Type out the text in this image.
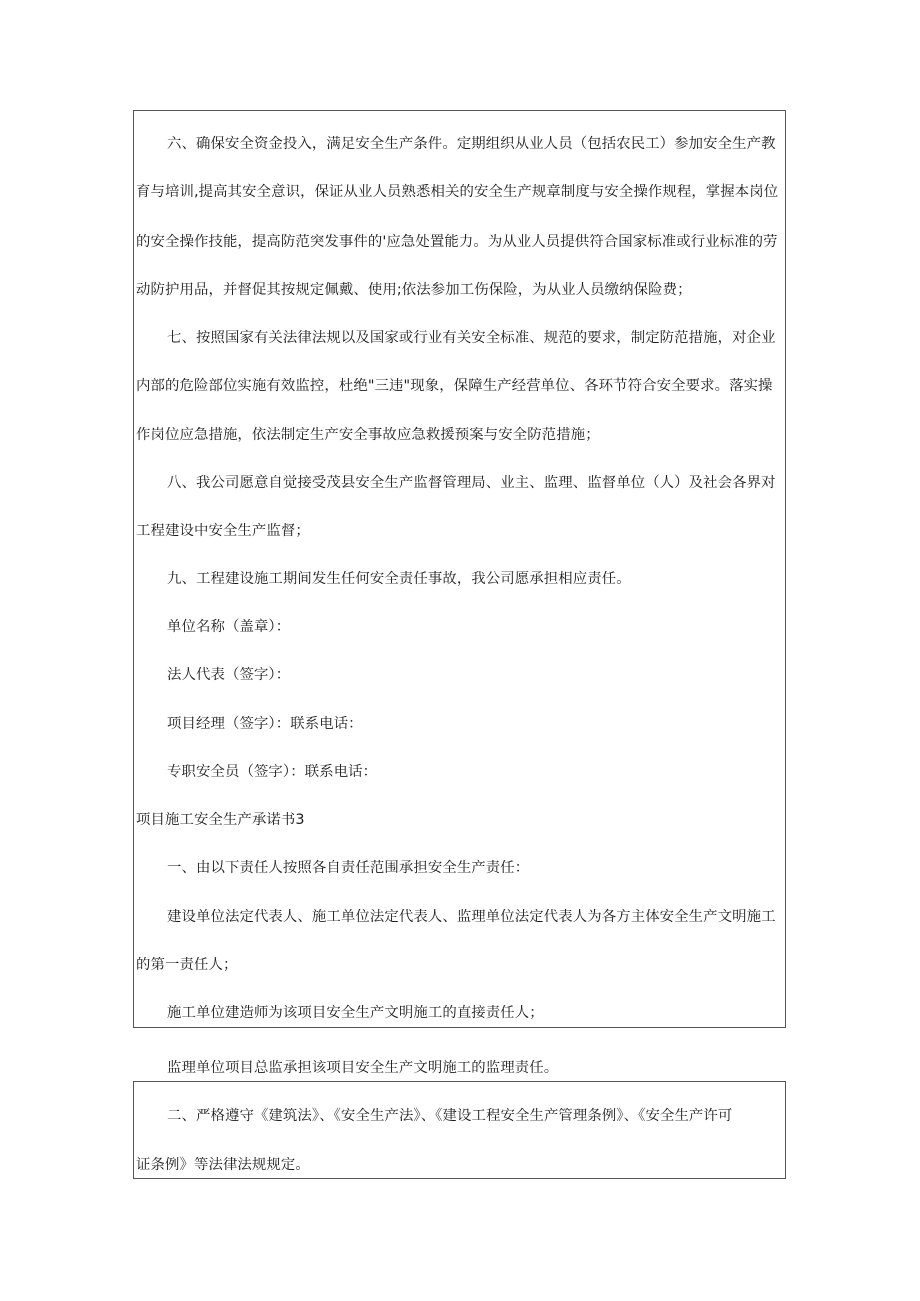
六、确保安全资金投入，满足安全生产条件。定期组织从业人员（包括农民工）参加安全生产教
育与培训,提高其安全意识，保证从业人员熟悉相关的安全生产规章制度与安全操作规程，掌握本岗位
的安全操作技能，提高防范突发事件的'应急处置能力。为从业人员提供符合国家标准或行业标准的劳
动防护用品，并督促其按规定佩戴、使用;依法参加工伤保险，为从业人员缴纳保险费；
七、按照国家有关法律法规以及国家或行业有关安全标准、规范的要求，制定防范措施，对企业
内部的危险部位实施有效监控，杜绝"三违"现象，保障生产经营单位、各环节符合安全要求。落实操
作岗位应急措施，依法制定生产安全事故应急救援预案与安全防范措施；
八、我公司愿意自觉接受茂县安全生产监督管理局、业主、监理、监督单位（人）及社会各界对
工程建设中安全生产监督；
九、工程建设施工期间发生任何安全责任事故，我公司愿承担相应责任。
单位名称（盖章）：
法人代表（签字）：
项目经理（签字）：联系电话：
专职安全员（签字）：联系电话：
项目施工安全生产承诺书3
一、由以下责任人按照各自责任范围承担安全生产责任：
建设单位法定代表人、施工单位法定代表人、监理单位法定代表人为各方主体安全生产文明施工
的第一责任人；
施工单位建造师为该项目安全生产文明施工的直接责任人；
监理单位项目总监承担该项目安全生产文明施工的监理责任。
二、严格遵守《建筑法》、《安全生产法》、《建设工程安全生产管理条例》、《安全生产许可
证条例》等法律法规规定。
